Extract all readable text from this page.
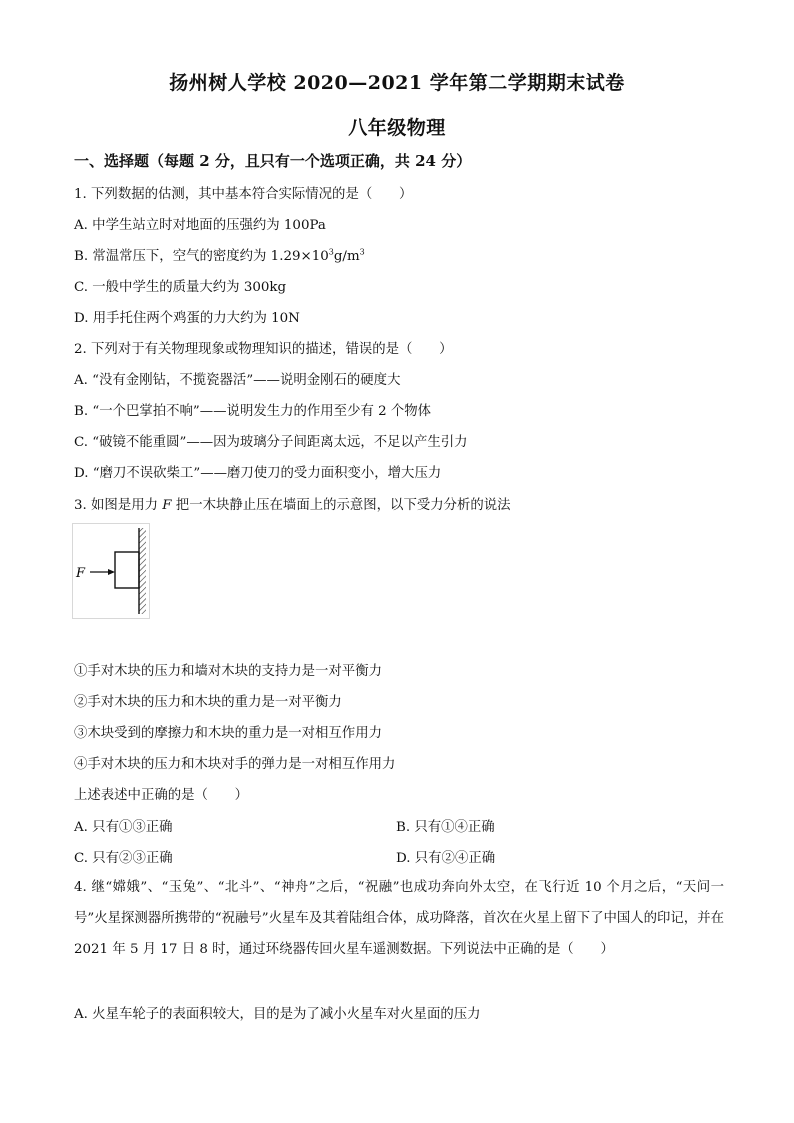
扬州树人学校 2020—2021 学年第二学期期末试卷
八年级物理
一、选择题（每题 2 分，且只有一个选项正确，共 24 分）
1. 下列数据的估测，其中基本符合实际情况的是（　　）
A. 中学生站立时对地面的压强约为 100Pa
B. 常温常压下，空气的密度约为 $1.29\times 10^3g/m^3$
C. 一般中学生的质量大约为 300kg
D. 用手托住两个鸡蛋的力大约为 10N
2. 下列对于有关物理现象或物理知识的描述，错误的是（　　）
A. “没有金刚钻，不揽瓷器活”——说明金刚石的硬度大
B. “一个巴掌拍不响”——说明发生力的作用至少有 2 个物体
C. “破镜不能重圆”——因为玻璃分子间距离太远，不足以产生引力
D. “磨刀不误砍柴工”——磨刀使刀的受力面积变小，增大压力
3. 如图是用力 F 把一木块静止压在墙面上的示意图，以下受力分析的说法
F
①手对木块的压力和墙对木块的支持力是一对平衡力
②手对木块的压力和木块的重力是一对平衡力
③木块受到的摩擦力和木块的重力是一对相互作用力
④手对木块的压力和木块对手的弹力是一对相互作用力
上述表述中正确的是（　　）
A. 只有①③正确	B. 只有①④正确
C. 只有②③正确	D. 只有②④正确
4. 继“嫦娥”、“玉兔”、“北斗”、“神舟”之后，“祝融”也成功奔向外太空，在飞行近 10 个月之后，“天问一号”火星探测器所携带的“祝融号”火星车及其着陆组合体，成功降落，首次在火星上留下了中国人的印记，并在 2021 年 5 月 17 日 8 时，通过环绕器传回火星车遥测数据。下列说法中正确的是（　　）
A. 火星车轮子的表面积较大，目的是为了减小火星车对火星面的压力
